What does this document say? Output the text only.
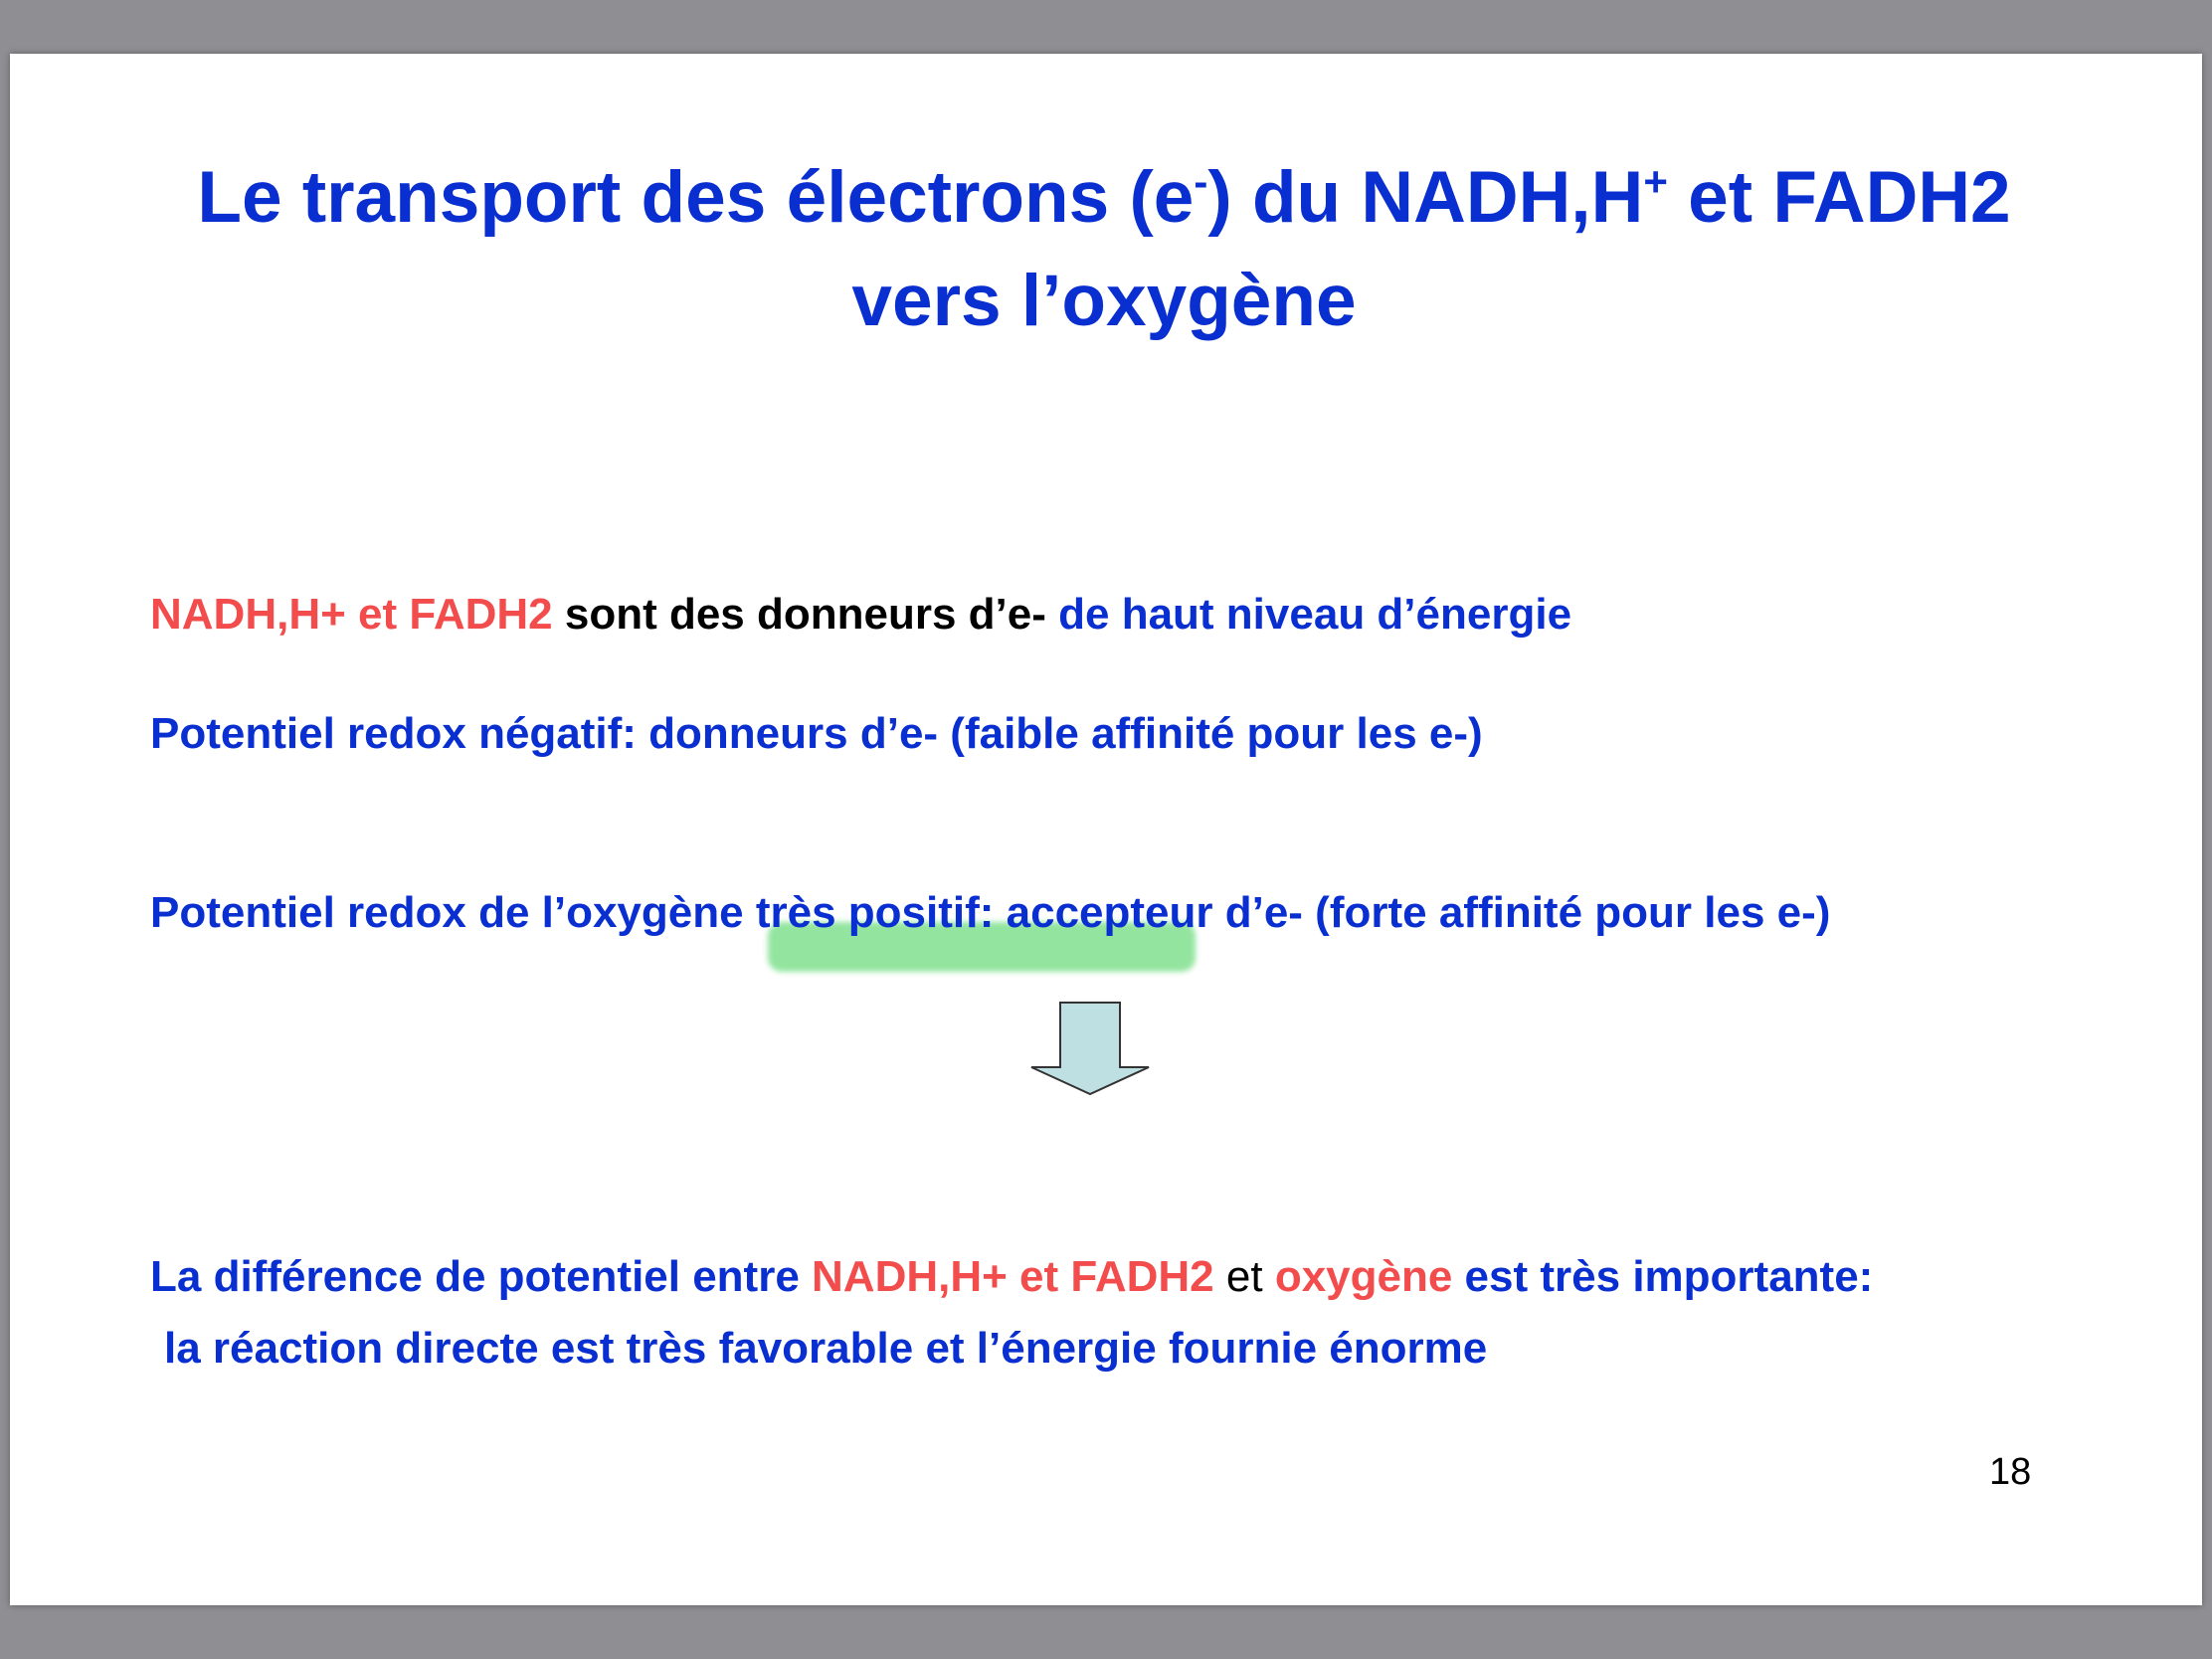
Le transport des électrons (e-) du NADH,H+ et FADH2
vers l’oxygène
NADH,H+ et FADH2 sont des donneurs d’e- de haut niveau d’énergie
Potentiel redox négatif: donneurs d’e- (faible affinité pour les e-)
Potentiel redox de l’oxygène très positif: accepteur d’e- (forte affinité pour les e-)
La différence de potentiel entre NADH,H+ et FADH2 et oxygène est très importante:
la réaction directe est très favorable et l’énergie fournie énorme
18
